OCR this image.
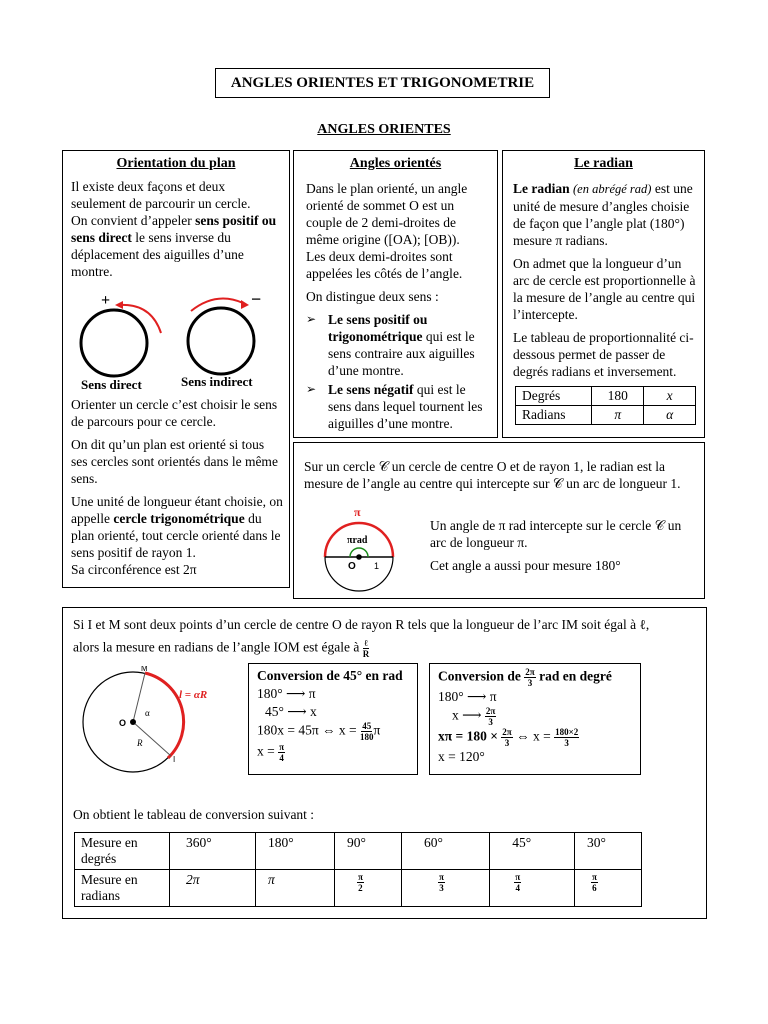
ANGLES ORIENTES ET TRIGONOMETRIE
ANGLES ORIENTES
Orientation du plan

Il existe deux façons et deux seulement de parcourir un cercle.

On convient d’appeler sens positif ou sens direct le sens inverse du déplacement des aiguilles d’une montre.

+	−
Sens direct	Sens indirect

Orienter un cercle c’est choisir le sens de parcours pour ce cercle.

On dit qu’un plan est orienté si tous ses cercles sont orientés dans le même sens.

Une unité de longueur étant choisie, on appelle cercle trigonométrique du plan orienté, tout cercle orienté dans le sens positif de rayon 1.

Sa circonférence est 2π

Angles orientés

Dans le plan orienté, un angle orienté de sommet O est un couple de 2 demi-droites de même origine ([OA); [OB)).

Les deux demi-droites sont appelées les côtés de l’angle.

On distingue deux sens :

➢ Le sens positif ou trigonométrique qui est le sens contraire aux aiguilles d’une montre.
➢ Le sens négatif qui est le sens dans lequel tournent les aiguilles d’une montre.
Le radian

Le radian (en abrégé rad) est une unité de mesure d’angles choisie de façon que l’angle plat (180°) mesure π radians.

On admet que la longueur d’un arc de cercle est proportionnelle à la mesure de l’angle au centre qui l’intercepte.

Le tableau de proportionnalité ci-dessous permet de passer de degrés radians et inversement.

Degrés	180	x
Radians	π	α

Sur un cercle 𝒞 un cercle de centre O et de rayon 1, le radian est la mesure de l’angle au centre qui intercepte sur 𝒞 un arc de longueur 1.

π
πrad
O 1

Un angle de π rad intercepte sur le cercle 𝒞 un arc de longueur π.

Cet angle a aussi pour mesure 180°

Si I et M sont deux points d’un cercle de centre O de rayon R tels que la longueur de l’arc IM soit égal à ℓ,
alors la mesure en radians de l’angle IOM est égale à $\frac{\text{ℓ}}{R}$
M
O
α
R
I
l = αR
Conversion de 45° en rad
180° ⟶ π
45° ⟶ x
180x = 45π ⇔ $x = \frac{45}{180}$ π
$x = \frac{\pi}{4}$
Conversion de $\frac{2\pi}{3}$ rad en degré
180° ⟶ π
x ⟶ $\frac{2\pi}{3}$
$x\pi = 180 \times \frac{2\pi}{3}$ ⇔ $x = \frac{180\times 2}{3}$
x = 120°
On obtient le tableau de conversion suivant :
Mesure en degrés	360°	180°	90°	60°	45°	30°
Mesure en radians	2π	π	$\frac{\pi}{2}$	$\frac{\pi}{3}$	$\frac{\pi}{4}$	$\frac{\pi}{6}$
